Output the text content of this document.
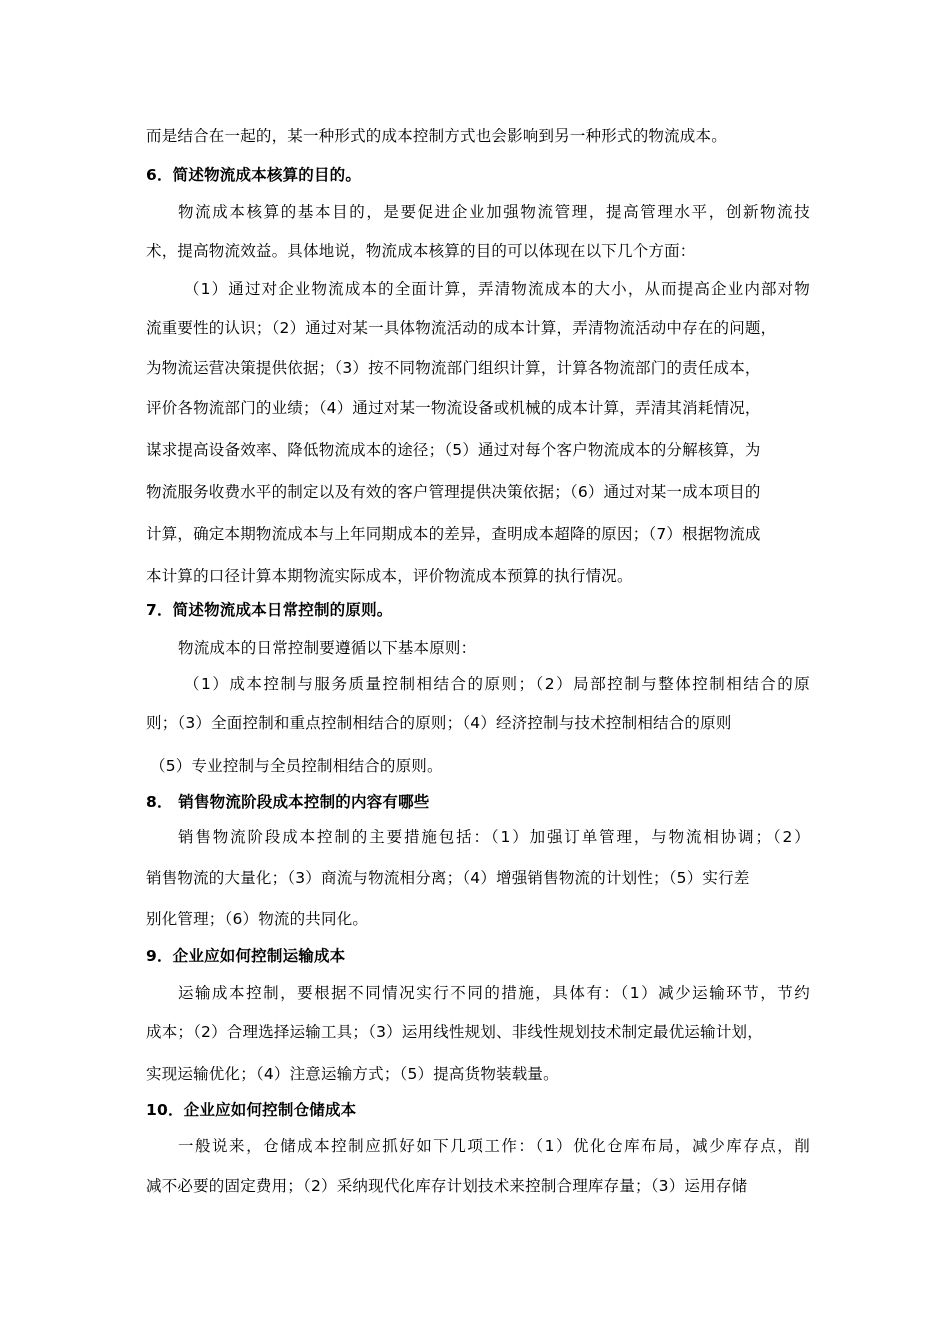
而是结合在一起的，某一种形式的成本控制方式也会影响到另一种形式的物流成本。
6．简述物流成本核算的目的。
物流成本核算的基本目的，是要促进企业加强物流管理，提高管理水平，创新物流技
术，提高物流效益。具体地说，物流成本核算的目的可以体现在以下几个方面：
（1）通过对企业物流成本的全面计算，弄清物流成本的大小，从而提高企业内部对物
流重要性的认识；（2）通过对某一具体物流活动的成本计算，弄清物流活动中存在的问题，
为物流运营决策提供依据；（3）按不同物流部门组织计算，计算各物流部门的责任成本，
评价各物流部门的业绩；（4）通过对某一物流设备或机械的成本计算，弄清其消耗情况，
谋求提高设备效率、降低物流成本的途径；（5）通过对每个客户物流成本的分解核算，为
物流服务收费水平的制定以及有效的客户管理提供决策依据；（6）通过对某一成本项目的
计算，确定本期物流成本与上年同期成本的差异，查明成本超降的原因；（7）根据物流成
本计算的口径计算本期物流实际成本，评价物流成本预算的执行情况。
7．简述物流成本日常控制的原则。
物流成本的日常控制要遵循以下基本原则：
（1）成本控制与服务质量控制相结合的原则；（2）局部控制与整体控制相结合的原
则；（3）全面控制和重点控制相结合的原则；（4）经济控制与技术控制相结合的原则
（5）专业控制与全员控制相结合的原则。
8． 销售物流阶段成本控制的内容有哪些
销售物流阶段成本控制的主要措施包括：（1）加强订单管理，与物流相协调；（2）
销售物流的大量化；（3）商流与物流相分离；（4）增强销售物流的计划性；（5）实行差
别化管理；（6）物流的共同化。
9．企业应如何控制运输成本
运输成本控制，要根据不同情况实行不同的措施，具体有：（1）减少运输环节，节约
成本；（2）合理选择运输工具；（3）运用线性规划、非线性规划技术制定最优运输计划，
实现运输优化；（4）注意运输方式；（5）提高货物装载量。
10．企业应如何控制仓储成本
一般说来，仓储成本控制应抓好如下几项工作：（1）优化仓库布局，减少库存点，削
减不必要的固定费用；（2）采纳现代化库存计划技术来控制合理库存量；（3）运用存储
